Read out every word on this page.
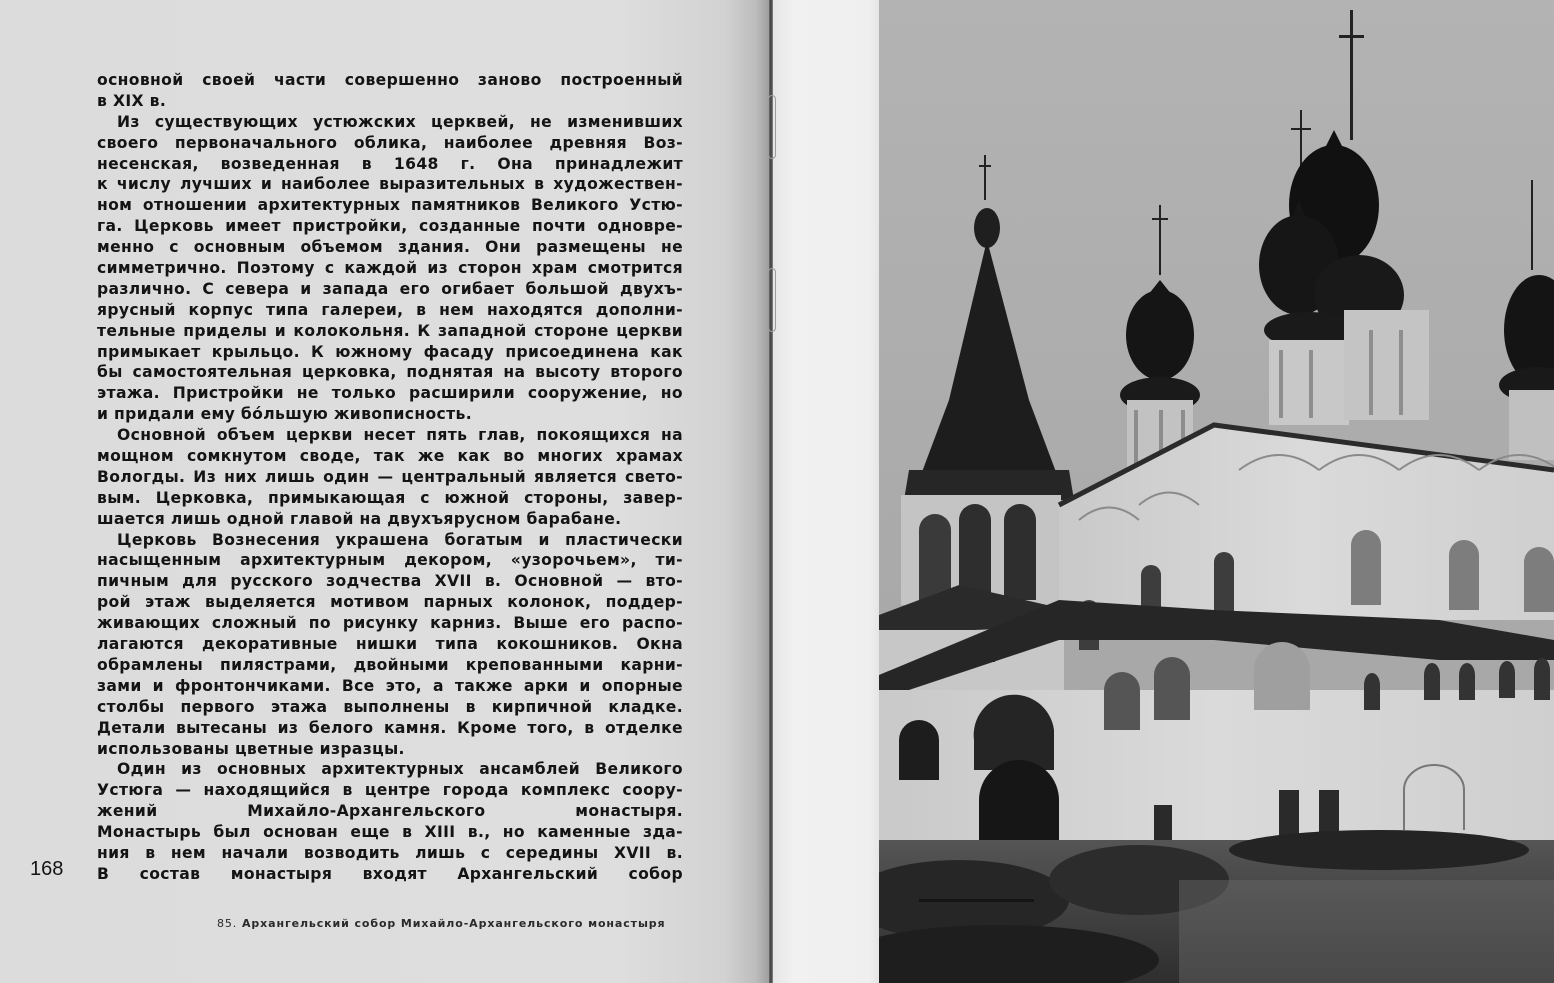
основной своей части совершенно заново построенный
в XIX в.
Из существующих устюжских церквей, не изменивших
своего первоначального облика, наиболее древняя Воз-
несенская, возведенная в 1648 г. Она принадлежит
к числу лучших и наиболее выразительных в художествен-
ном отношении архитектурных памятников Великого Устю-
га. Церковь имеет пристройки, созданные почти одновре-
менно с основным объемом здания. Они размещены не
симметрично. Поэтому с каждой из сторон храм смотрится
различно. С севера и запада его огибает большой двухъ-
ярусный корпус типа галереи, в нем находятся дополни-
тельные приделы и колокольня. К западной стороне церкви
примыкает крыльцо. К южному фасаду присоединена как
бы самостоятельная церковка, поднятая на высоту второго
этажа. Пристройки не только расширили сооружение, но
и придали ему бо́льшую живописность.
Основной объем церкви несет пять глав, покоящихся на
мощном сомкнутом своде, так же как во многих храмах
Вологды. Из них лишь один — центральный является свето-
вым. Церковка, примыкающая с южной стороны, завер-
шается лишь одной главой на двухъярусном барабане.
Церковь Вознесения украшена богатым и пластически
насыщенным архитектурным декором, «узорочьем», ти-
пичным для русского зодчества XVII в. Основной — вто-
рой этаж выделяется мотивом парных колонок, поддер-
живающих сложный по рисунку карниз. Выше его распо-
лагаются декоративные нишки типа кокошников. Окна
обрамлены пилястрами, двойными крепованными карни-
зами и фронтончиками. Все это, а также арки и опорные
столбы первого этажа выполнены в кирпичной кладке.
Детали вытесаны из белого камня. Кроме того, в отделке
использованы цветные изразцы.
Один из основных архитектурных ансамблей Великого
Устюга — находящийся в центре города комплекс соору-
жений Михайло-Архангельского монастыря.
Монастырь был основан еще в XIII в., но каменные зда-
ния в нем начали возводить лишь с середины XVII в.
В состав монастыря входят Архангельский собор
168
85. Архангельский собор Михайло-Архангельского монастыря
